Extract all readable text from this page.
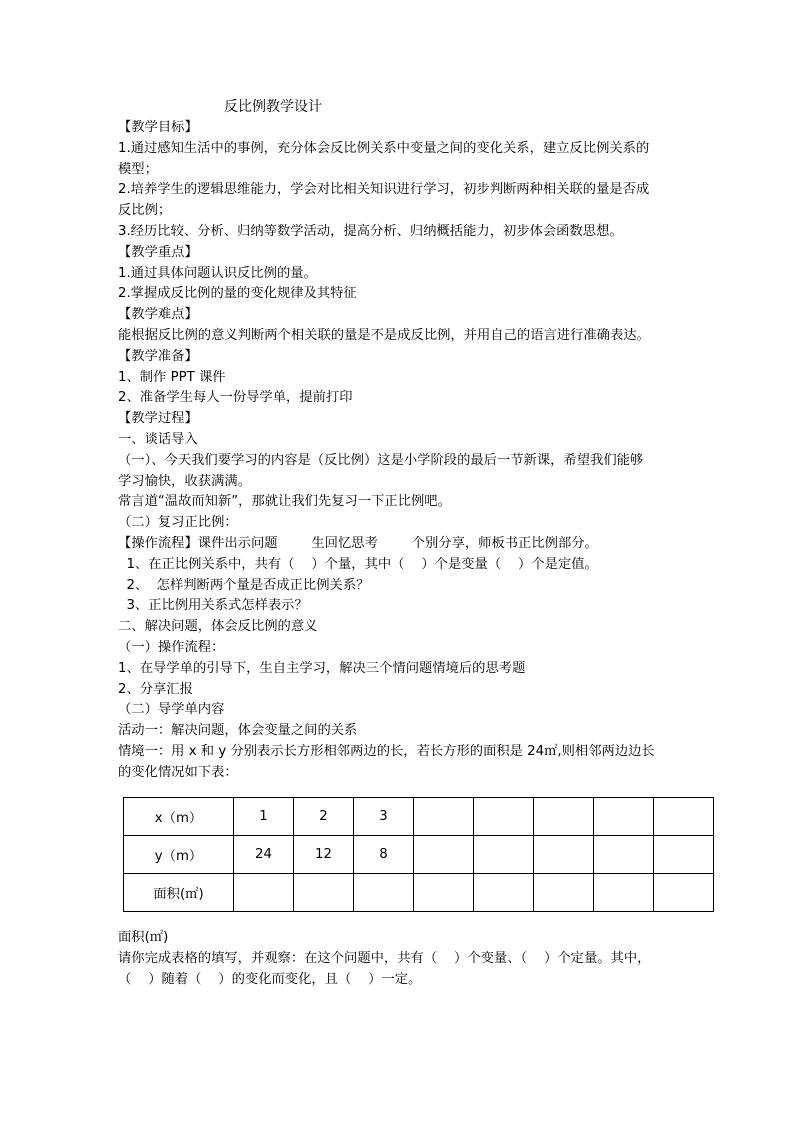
反比例教学设计

【教学目标】

1.通过感知生活中的事例，充分体会反比例关系中变量之间的变化关系，建立反比例关系的

模型；

2.培养学生的逻辑思维能力，学会对比相关知识进行学习，初步判断两种相关联的量是否成

反比例；

3.经历比较、分析、归纳等数学活动，提高分析、归纳概括能力，初步体会函数思想。

【教学重点】

1.通过具体问题认识反比例的量。

2.掌握成反比例的量的变化规律及其特征

【教学难点】

能根据反比例的意义判断两个相关联的量是不是成反比例，并用自己的语言进行准确表达。

【教学准备】

1、制作 PPT 课件

2、准备学生每人一份导学单，提前打印

【教学过程】

一、谈话导入

（一）、今天我们要学习的内容是（反比例）这是小学阶段的最后一节新课，希望我们能够

学习愉快，收获满满。

常言道“温故而知新”，那就让我们先复习一下正比例吧。

（二）复习正比例：

【操作流程】课件出示问题        生回忆思考        个别分享，师板书正比例部分。

1、在正比例关系中，共有（    ）个量，其中（    ）个是变量（    ）个是定值。

2、  怎样判断两个量是否成正比例关系？

3、正比例用关系式怎样表示？

二、解决问题，体会反比例的意义

（一）操作流程：

1、在导学单的引导下，生自主学习，解决三个情问题情境后的思考题

2、分享汇报

（二）导学单内容

活动一：解决问题，体会变量之间的关系

情境一：用 x 和 y 分别表示长方形相邻两边的长，若长方形的面积是 24㎡,则相邻两边边长

的变化情况如下表：

x（m）	1	2	3					
y（m）	24	12	8					
面积(㎡)								

面积(㎡)

请你完成表格的填写，并观察：在这个问题中，共有（    ）个变量、（    ）个定量。其中，

（    ）随着（    ）的变化而变化，且（    ）一定。
